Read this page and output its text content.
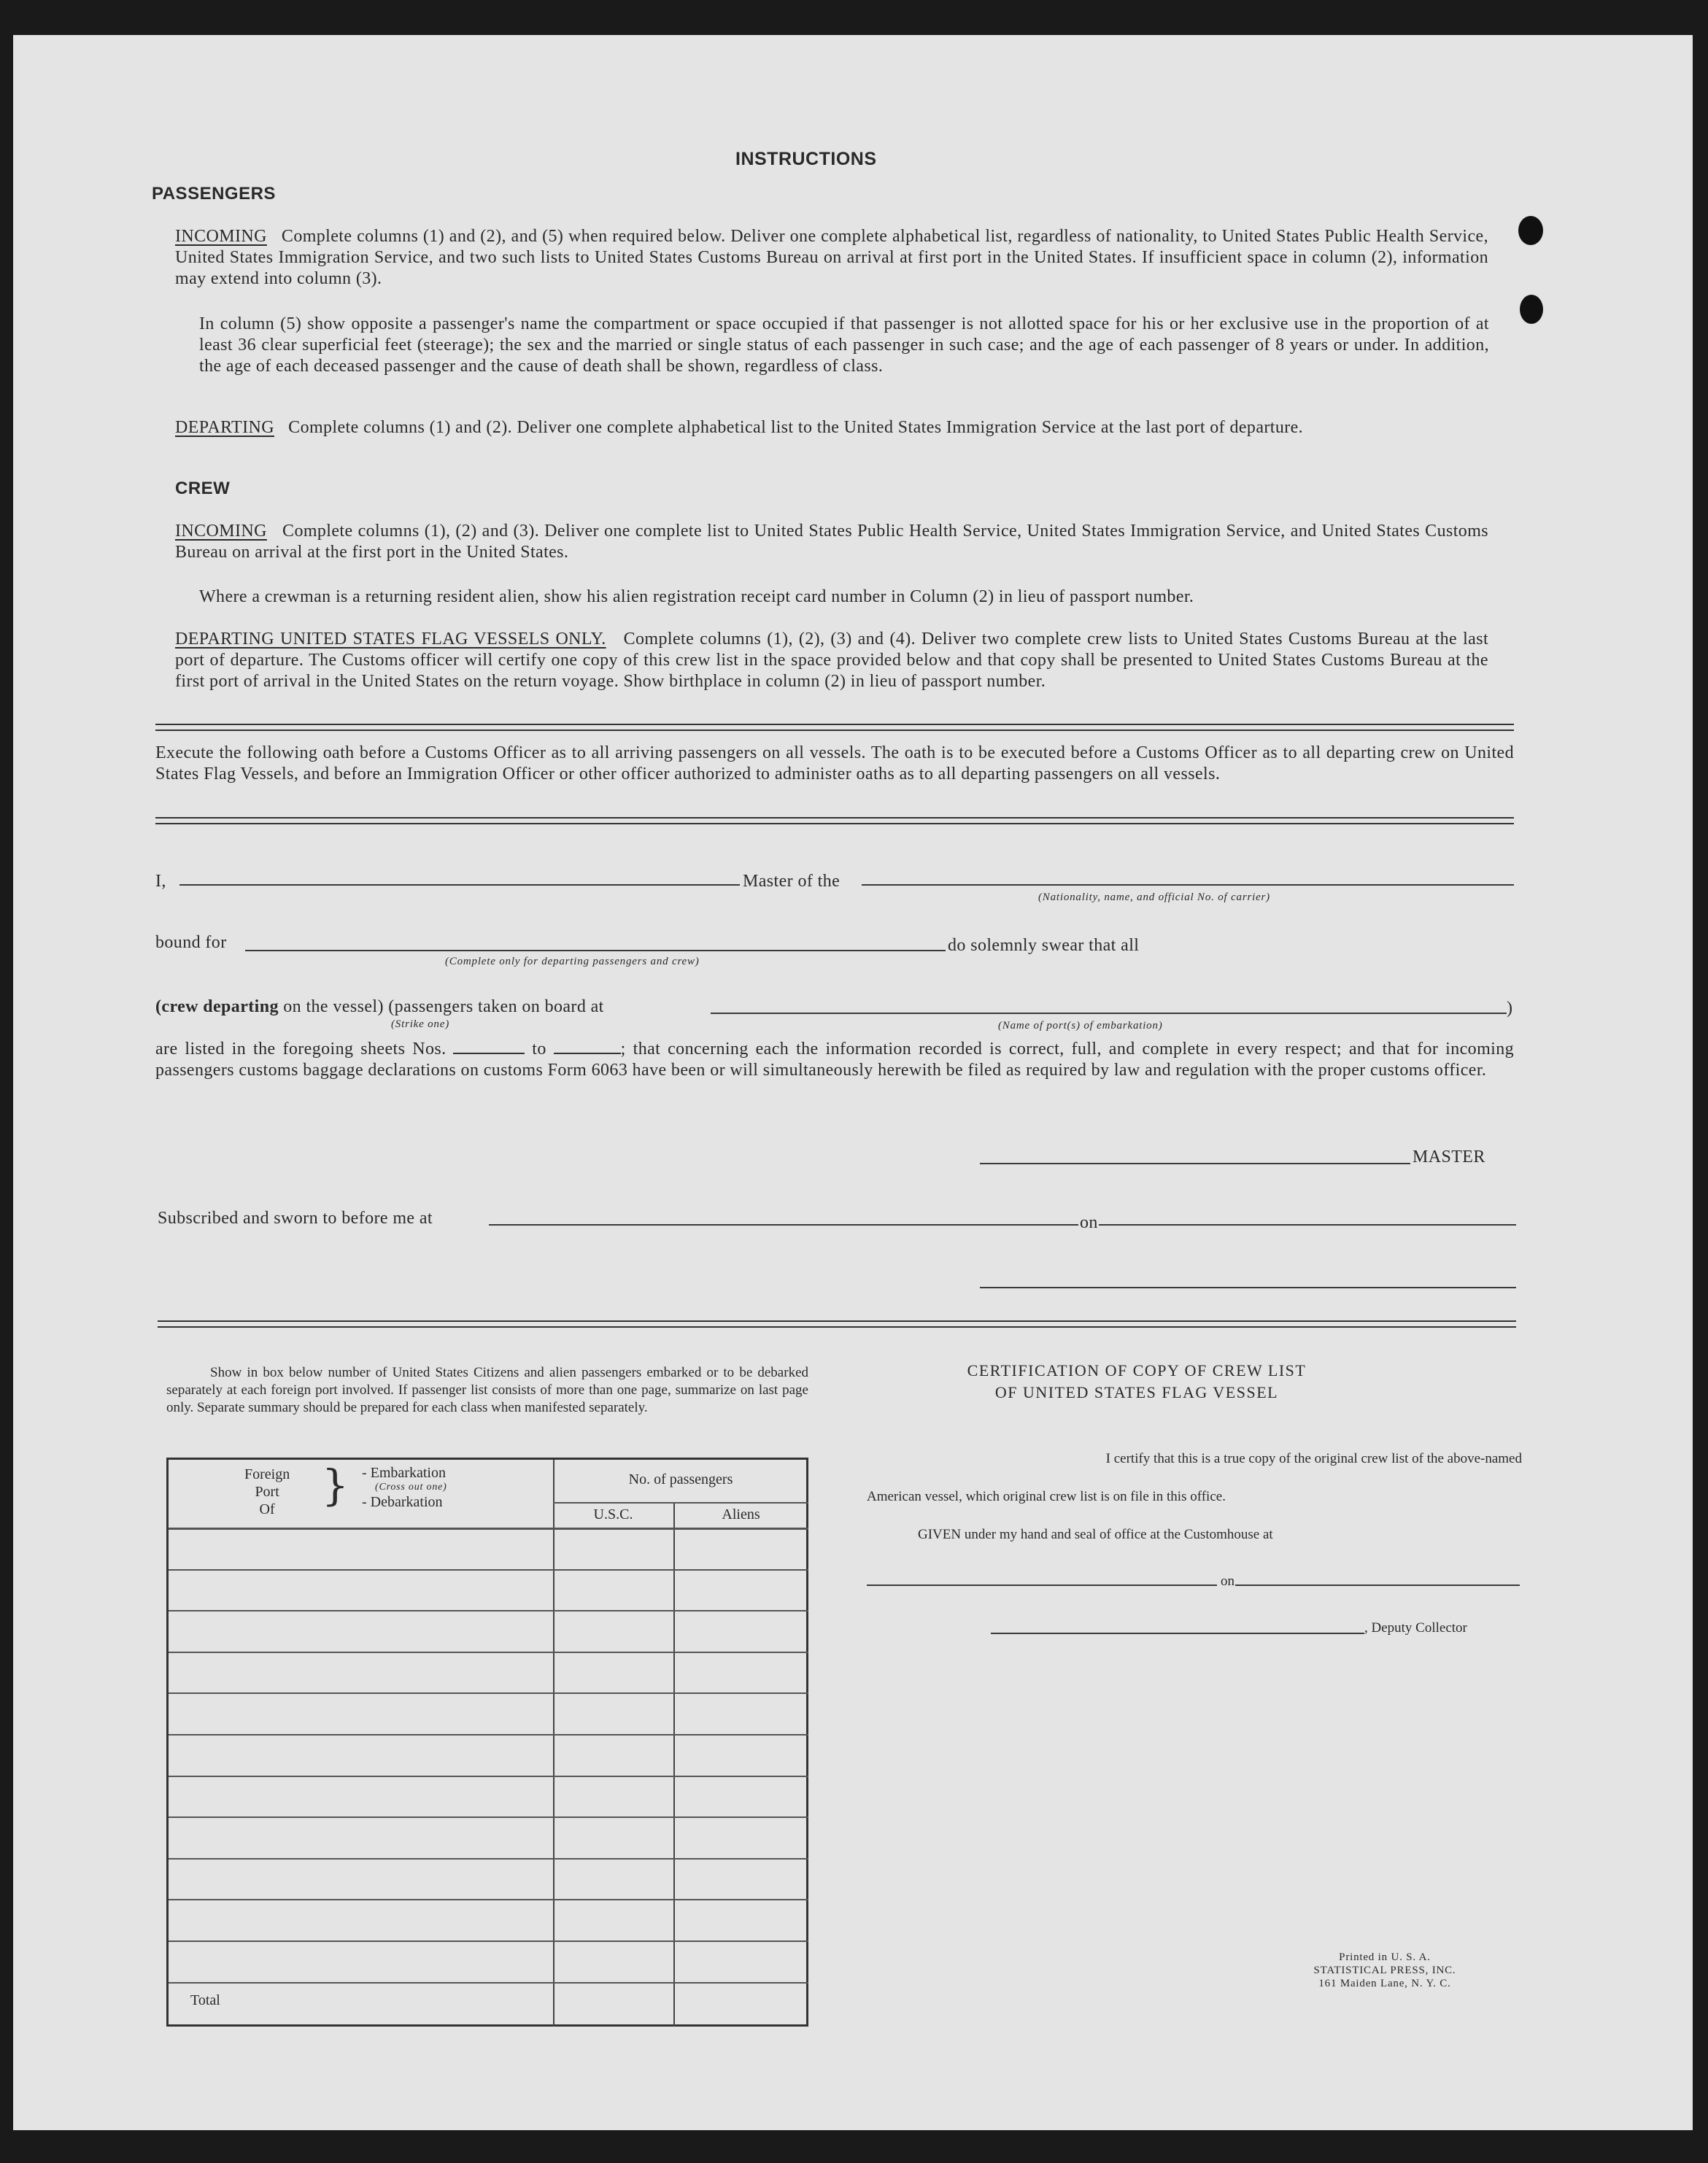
INSTRUCTIONS
PASSENGERS
INCOMING Complete columns (1) and (2), and (5) when required below. Deliver one complete alphabetical list, regardless of nationality, to United States Public Health Service, United States Immigration Service, and two such lists to United States Customs Bureau on arrival at first port in the United States. If insufficient space in column (2), information may extend into column (3).
In column (5) show opposite a passenger's name the compartment or space occupied if that passenger is not allotted space for his or her exclusive use in the proportion of at least 36 clear superficial feet (steerage); the sex and the married or single status of each passenger in such case; and the age of each passenger of 8 years or under. In addition, the age of each deceased passenger and the cause of death shall be shown, regardless of class.
DEPARTING Complete columns (1) and (2). Deliver one complete alphabetical list to the United States Immigration Service at the last port of departure.
CREW
INCOMING Complete columns (1), (2) and (3). Deliver one complete list to United States Public Health Service, United States Immigration Service, and United States Customs Bureau on arrival at the first port in the United States.
Where a crewman is a returning resident alien, show his alien registration receipt card number in Column (2) in lieu of passport number.
DEPARTING UNITED STATES FLAG VESSELS ONLY. Complete columns (1), (2), (3) and (4). Deliver two complete crew lists to United States Customs Bureau at the last port of departure. The Customs officer will certify one copy of this crew list in the space provided below and that copy shall be presented to United States Customs Bureau at the first port of arrival in the United States on the return voyage. Show birthplace in column (2) in lieu of passport number.
Execute the following oath before a Customs Officer as to all arriving passengers on all vessels. The oath is to be executed before a Customs Officer as to all departing crew on United States Flag Vessels, and before an Immigration Officer or other officer authorized to administer oaths as to all departing passengers on all vessels.
I,	Master of the
(Nationality, name, and official No. of carrier)
bound for
(Complete only for departing passengers and crew)
do solemnly swear that all
(crew departing on the vessel) (passengers taken on board at	)
(Strike one)	(Name of port(s) of embarkation)
are listed in the foregoing sheets Nos.	to	; that concerning each the information recorded is correct, full, and complete in every respect; and that for incoming passengers customs baggage declarations on customs Form 6063 have been or will simultaneously herewith be filed as required by law and regulation with the proper customs officer.
MASTER
Subscribed and sworn to before me at	on
Show in box below number of United States Citizens and alien passengers embarked or to be debarked separately at each foreign port involved. If passenger list consists of more than one page, summarize on last page only. Separate summary should be prepared for each class when manifested separately.
Foreign
Port
Of	} - Embarkation
(Cross out one)
- Debarkation
No. of passengers
U.S.C.	Aliens
Total
CERTIFICATION OF COPY OF CREW LIST
OF UNITED STATES FLAG VESSEL
I certify that this is a true copy of the original crew list of the above-named
American vessel, which original crew list is on file in this office.
GIVEN under my hand and seal of office at the Customhouse at
on
, Deputy Collector
Printed in U. S. A.
STATISTICAL PRESS, INC.
161 Maiden Lane, N. Y. C.
